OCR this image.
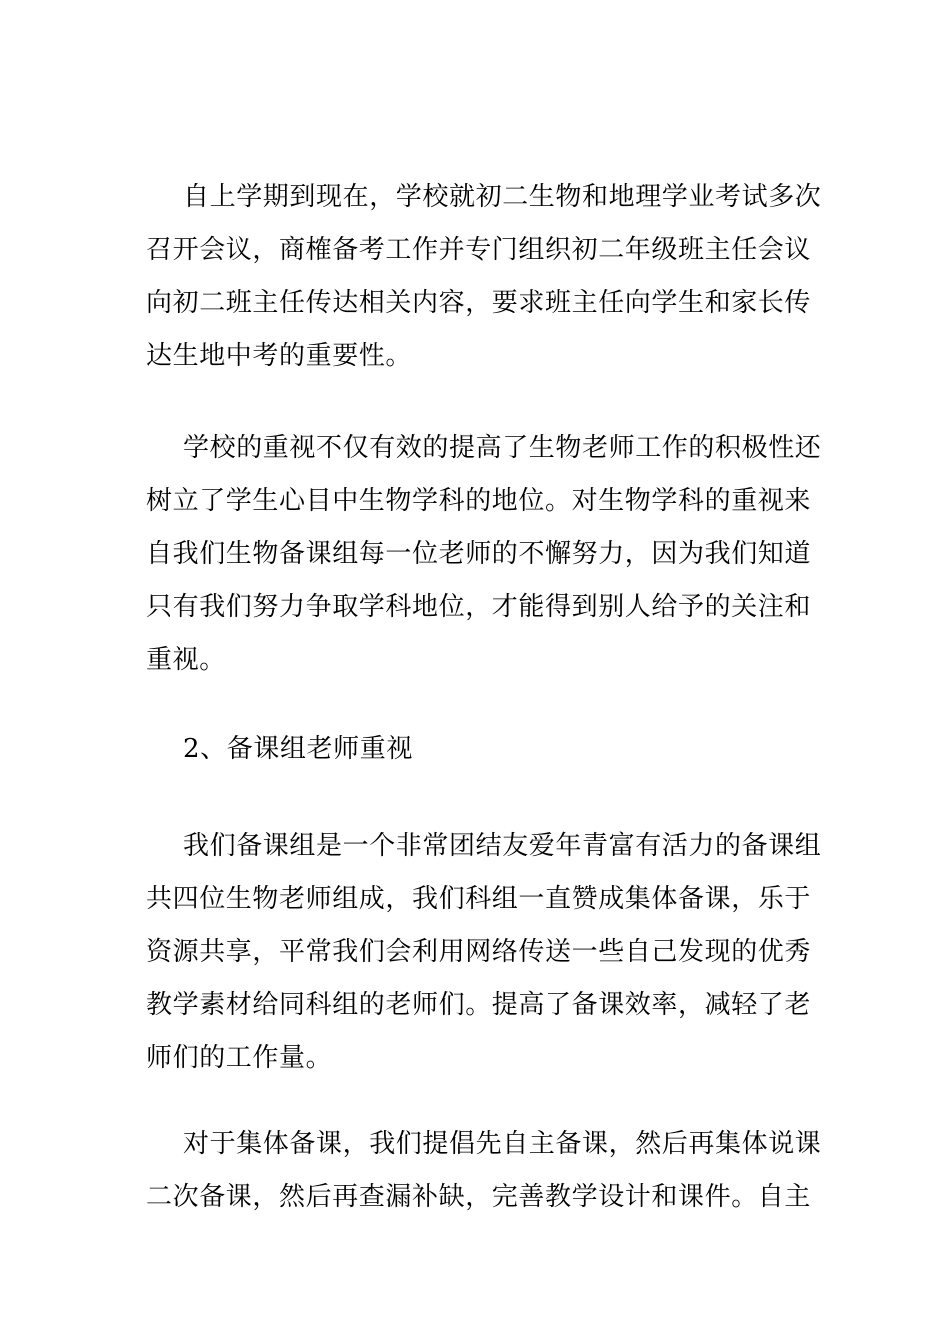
自上学期到现在，学校就初二生物和地理学业考试多次
召开会议，商榷备考工作并专门组织初二年级班主任会议
向初二班主任传达相关内容，要求班主任向学生和家长传
达生地中考的重要性。
学校的重视不仅有效的提高了生物老师工作的积极性还
树立了学生心目中生物学科的地位。对生物学科的重视来
自我们生物备课组每一位老师的不懈努力，因为我们知道
只有我们努力争取学科地位，才能得到别人给予的关注和
重视。
2、备课组老师重视
我们备课组是一个非常团结友爱年青富有活力的备课组
共四位生物老师组成，我们科组一直赞成集体备课，乐于
资源共享，平常我们会利用网络传送一些自己发现的优秀
教学素材给同科组的老师们。提高了备课效率，减轻了老
师们的工作量。
对于集体备课，我们提倡先自主备课，然后再集体说课
二次备课，然后再查漏补缺，完善教学设计和课件。自主
